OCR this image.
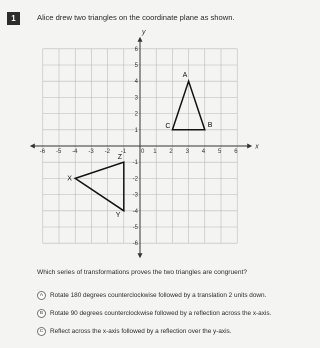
1	Alice drew two triangles on the coordinate plane as shown.
x
y
-6 -5 -4 -3 -2 -1 0 1 2 3 4 5 6
6
5
4
3
2
1
-1
-2
-3
-4
-5
-6
A
B
C
X
Y
Z
Which series of transformations proves the two triangles are congruent?
A	Rotate 180 degrees counterclockwise followed by a translation 2 units down.
B	Rotate 90 degrees counterclockwise followed by a reflection across the x-axis.
C	Reflect across the x-axis followed by a reflection over the y-axis.
